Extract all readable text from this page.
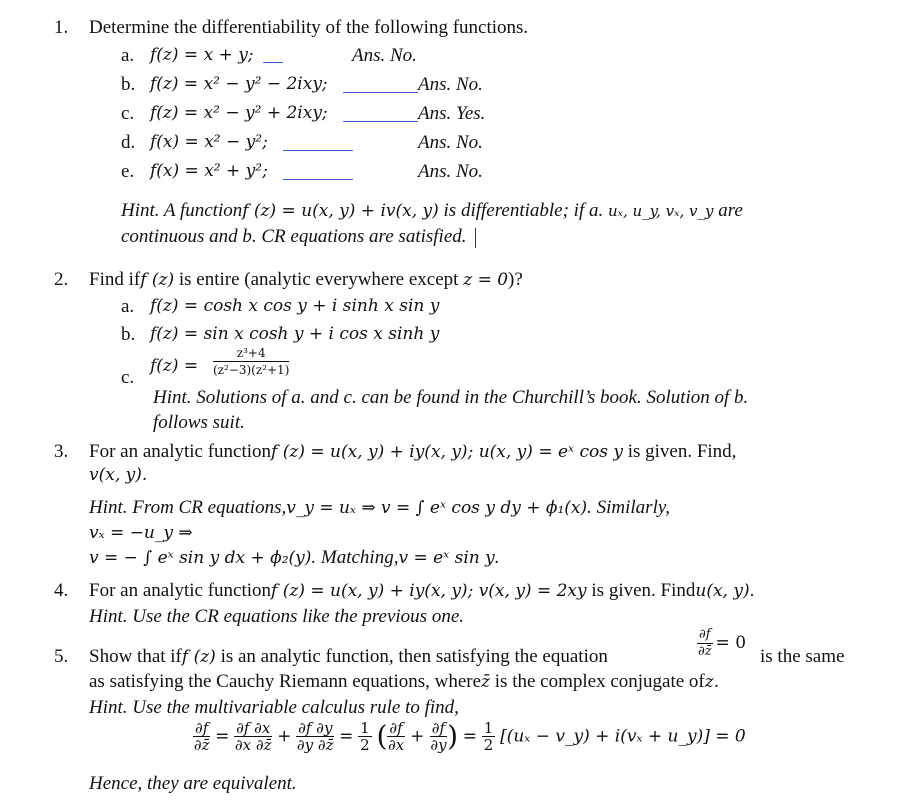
1. Determine the differentiability of the following functions.
a. f(z) = x + y;	Ans. No.
b. f(z) = x² − y² − 2ixy;	Ans. No.
c. f(z) = x² − y² + 2ixy;	Ans. Yes.
d. f(x) = x² − y²;	Ans. No.
e. f(x) = x² + y²;	Ans. No.
Hint. A functionf (z) = u(x, y) + iv(x, y) is differentiable; if a. uₓ, u_y, vₓ, v_y are
continuous and b. CR equations are satisfied.
2. Find iff (z) is entire (analytic everywhere except z = 0)?
a. f(z) = cosh x cos y + i sinh x sin y
b. f(z) = sin x cosh y + i cos x sinh y
c.
$f(z) = \frac{\text{z³+4}}{\text{(z²−3)(z²+1)}}$
Hint. Solutions of a. and c. can be found in the Churchill’s book. Solution of b.
follows suit.
3. For an analytic functionf (z) = u(x, y) + iy(x, y); u(x, y) = eˣ cos y is given. Find,
v(x, y).
Hint. From CR equations,v_y = uₓ ⇒ v = ∫ eˣ cos y dy + ϕ₁(x). Similarly,
vₓ = −u_y ⇒
v = − ∫ eˣ sin y dx + ϕ₂(y). Matching,v = eˣ sin y.
4. For an analytic functionf (z) = u(x, y) + iy(x, y); v(x, y) = 2xy is given. Findu(x, y).
Hint. Use the CR equations like the previous one.
5. Show that iff (z) is an analytic function, then satisfying the equation	$\frac{\partial f}{\partial z̄} = 0$
is the same
as satisfying the Cauchy Riemann equations, wherez̄ is the complex conjugate ofz.
Hint. Use the multivariable calculus rule to find,
$\frac{\partial f}{\partial z̄} = \frac{\partial f \partial x}{\partial x \partial z̄} + \frac{\partial f \partial y}{\partial y \partial z̄} = \frac{1}{2}$ ( $\frac{\partial f}{\partial x} + \frac{\partial f}{\partial y}$ ) = $\frac{1}{2} [(u_x$ − v_y) + i(vₓ + u_y)] = 0
Hence, they are equivalent.
